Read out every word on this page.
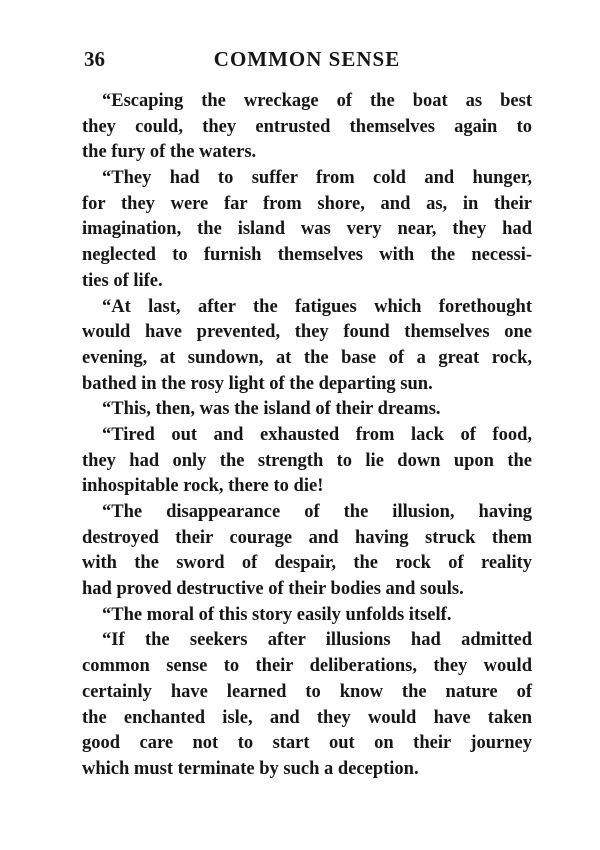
36	COMMON SENSE
“Escaping the wreckage of the boat as best
they could, they entrusted themselves again to
the fury of the waters.
“They had to suffer from cold and hunger,
for they were far from shore, and as, in their
imagination, the island was very near, they had
neglected to furnish themselves with the necessi-
ties of life.
“At last, after the fatigues which forethought
would have prevented, they found themselves one
evening, at sundown, at the base of a great rock,
bathed in the rosy light of the departing sun.
“This, then, was the island of their dreams.
“Tired out and exhausted from lack of food,
they had only the strength to lie down upon the
inhospitable rock, there to die!
“The disappearance of the illusion, having
destroyed their courage and having struck them
with the sword of despair, the rock of reality
had proved destructive of their bodies and souls.
“The moral of this story easily unfolds itself.
“If the seekers after illusions had admitted
common sense to their deliberations, they would
certainly have learned to know the nature of
the enchanted isle, and they would have taken
good care not to start out on their journey
which must terminate by such a deception.
